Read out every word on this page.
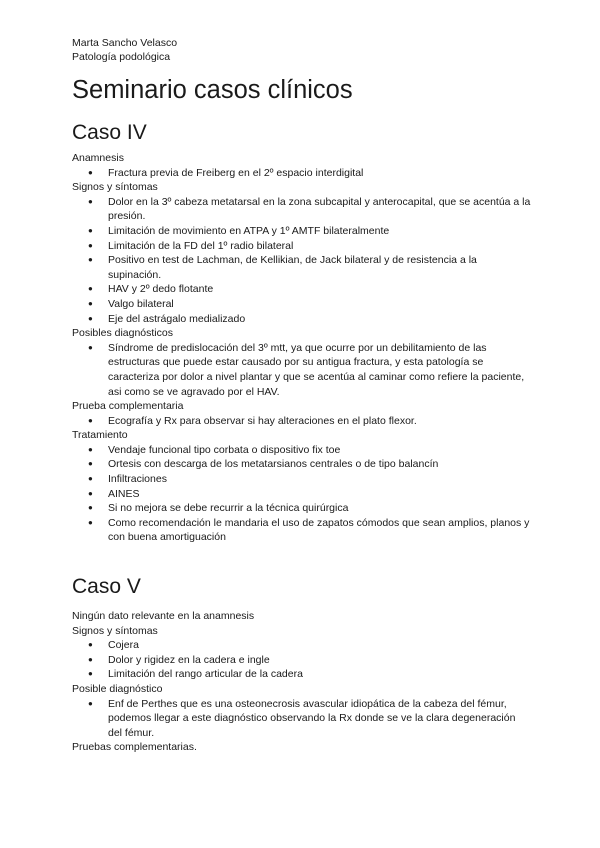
Marta Sancho Velasco
Patología podológica
Seminario casos clínicos
Caso IV
Anamnesis
● Fractura previa de Freiberg en el 2º espacio interdigital
Signos y síntomas
● Dolor en la 3º cabeza metatarsal en la zona subcapital y anterocapital, que se acentúa a la presión.
● Limitación de movimiento en ATPA y 1º AMTF bilateralmente
● Limitación de la FD del 1º radio bilateral
● Positivo en test de Lachman, de Kellikian, de Jack bilateral y de resistencia a la supinación.
● HAV y 2º dedo flotante
● Valgo bilateral
● Eje del astrágalo medializado
Posibles diagnósticos
● Síndrome de predislocación del 3º mtt, ya que ocurre por un debilitamiento de las estructuras que puede estar causado por su antigua fractura, y esta patología se caracteriza por dolor a nivel plantar y que se acentúa al caminar como refiere la paciente, asi como se ve agravado por el HAV.
Prueba complementaria
● Ecografía y Rx para observar si hay alteraciones en el plato flexor.
Tratamiento
● Vendaje funcional tipo corbata o dispositivo fix toe
● Ortesis con descarga de los metatarsianos centrales o de tipo balancín
● Infiltraciones
● AINES
● Si no mejora se debe recurrir a la técnica quirúrgica
● Como recomendación le mandaria el uso de zapatos cómodos que sean amplios, planos y con buena amortiguación
Caso V
Ningún dato relevante en la anamnesis
Signos y síntomas
● Cojera
● Dolor y rigidez en la cadera e ingle
● Limitación del rango articular de la cadera
Posible diagnóstico
● Enf de Perthes que es una osteonecrosis avascular idiopática de la cabeza del fémur, podemos llegar a este diagnóstico observando la Rx donde se ve la clara degeneración del fémur.
Pruebas complementarias.
